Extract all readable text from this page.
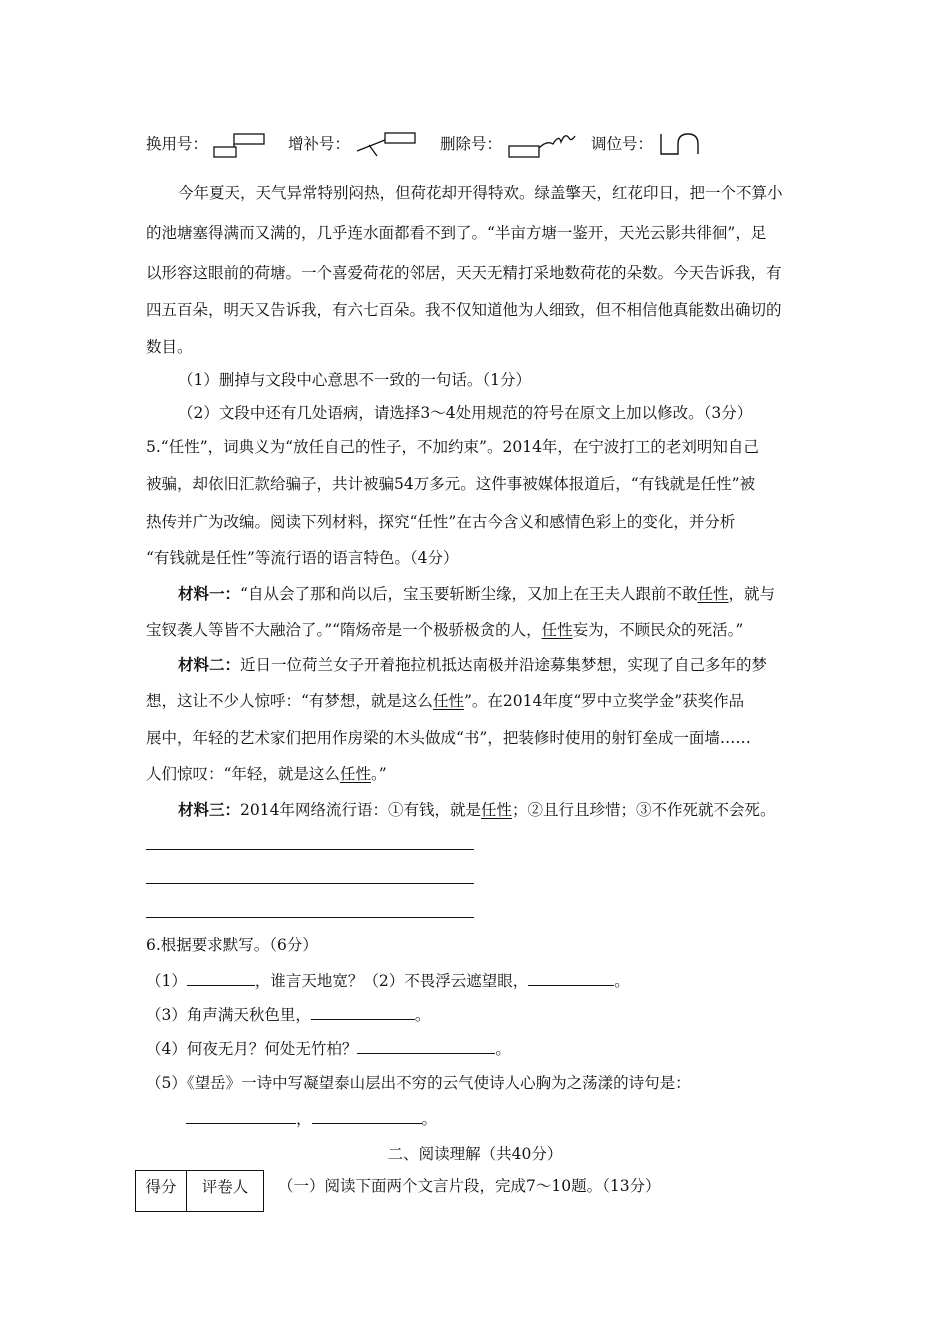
换用号：	增补号：	删除号：	调位号：
今年夏天，天气异常特别闷热，但荷花却开得特欢。绿盖擎天，红花印日，把一个不算小
的池塘塞得满而又满的，几乎连水面都看不到了。“半亩方塘一鉴开，天光云影共徘徊”，足
以形容这眼前的荷塘。一个喜爱荷花的邻居，天天无精打采地数荷花的朵数。今天告诉我，有
四五百朵，明天又告诉我，有六七百朵。我不仅知道他为人细致，但不相信他真能数出确切的
数目。
（1）删掉与文段中心意思不一致的一句话。（1分）
（2）文段中还有几处语病，请选择3～4处用规范的符号在原文上加以修改。（3分）
5.“任性”，词典义为“放任自己的性子，不加约束”。2014年，在宁波打工的老刘明知自己
被骗，却依旧汇款给骗子，共计被骗54万多元。这件事被媒体报道后，“有钱就是任性”被
热传并广为改编。阅读下列材料，探究“任性”在古今含义和感情色彩上的变化，并分析
“有钱就是任性”等流行语的语言特色。（4分）
材料一：“自从会了那和尚以后，宝玉要斩断尘缘，又加上在王夫人跟前不敢任性，就与
宝钗袭人等皆不大融洽了。”“隋炀帝是一个极骄极贪的人，任性妄为，不顾民众的死活。”
材料二：近日一位荷兰女子开着拖拉机抵达南极并沿途募集梦想，实现了自己多年的梦
想，这让不少人惊呼：“有梦想，就是这么任性”。在2014年度“罗中立奖学金”获奖作品
展中，年轻的艺术家们把用作房梁的木头做成“书”，把装修时使用的射钉垒成一面墙……
人们惊叹：“年轻，就是这么任性。”
材料三：2014年网络流行语：①有钱，就是任性；②且行且珍惜；③不作死就不会死。
6.根据要求默写。（6分）
（1）	，谁言天地宽？（2）不畏浮云遮望眼，	。
（3）角声满天秋色里，	。
（4）何夜无月？何处无竹柏？	。
（5）《望岳》一诗中写凝望泰山层出不穷的云气使诗人心胸为之荡漾的诗句是：
，	。
二、阅读理解（共40分）
得分	评卷人 （一）阅读下面两个文言片段，完成7～10题。（13分）
